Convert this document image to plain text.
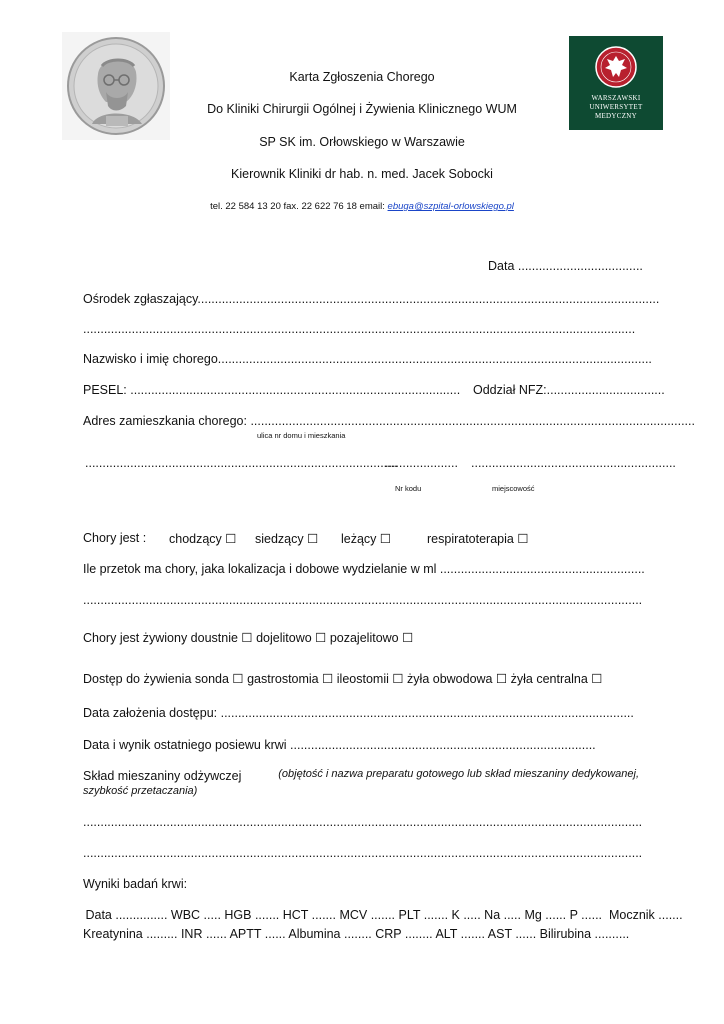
WARSZAWSKI
UNIWERSYTET
MEDYCZNY
Karta Zgłoszenia Chorego
Do Kliniki Chirurgii Ogólnej i Żywienia Klinicznego WUM
SP SK im. Orłowskiego w Warszawie
Kierownik Kliniki dr hab. n. med. Jacek Sobocki
tel. 22 584 13 20 fax. 22 622 76 18 email: ebuga@szpital-orlowskiego.pl
Data ....................................
Ośrodek zgłaszający.....................................................................................................................................
...............................................................................................................................................................
Nazwisko i imię chorego.............................................................................................................................
PESEL: ............................................................................................... Oddział NFZ:..................................
Adres zamieszkania chorego: ................................................................................................................................
ulica nr domu i mieszkania
..........................................................................................
..................... ...........................................................
Nr kodu	miejscowość
Chory jest : chodzący ☐ siedzący ☐ leżący ☐	respiratoterapia ☐
Ile przetok ma chory, jaka lokalizacja i dobowe wydzielanie w ml ...........................................................
.................................................................................................................................................................
Chory jest żywiony doustnie ☐ dojelitowo ☐ pozajelitowo ☐
Dostęp do żywienia sonda ☐ gastrostomia ☐ ileostomii ☐ żyła obwodowa ☐ żyła centralna ☐
Data założenia dostępu: .......................................................................................................................
Data i wynik ostatniego posiewu krwi ........................................................................................
Skład mieszaniny odżywczej	(objętość i nazwa preparatu gotowego lub skład mieszaniny dedykowanej,
szybkość przetaczania)
.................................................................................................................................................................
.................................................................................................................................................................
Wyniki badań krwi:
Data ............... WBC ..... HGB ....... HCT ....... MCV ....... PLT ....... K ..... Na ..... Mg ...... P ......  Mocznik .......
Kreatynina ......... INR ...... APTT ...... Albumina ........ CRP ........ ALT ....... AST ...... Bilirubina ..........
